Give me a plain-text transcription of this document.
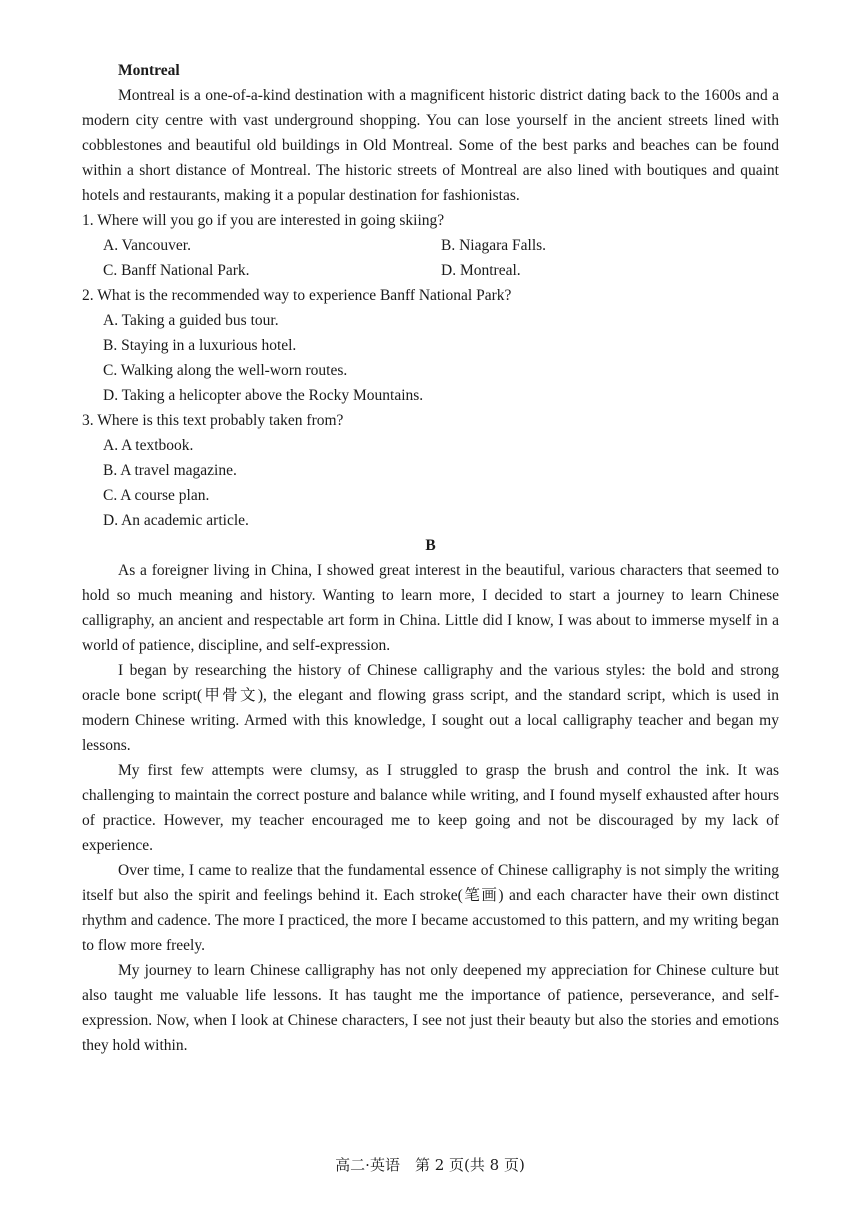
Montreal

Montreal is a one-of-a-kind destination with a magnificent historic district dating back to the 1600s and a modern city centre with vast underground shopping. You can lose yourself in the ancient streets lined with cobblestones and beautiful old buildings in Old Montreal. Some of the best parks and beaches can be found within a short distance of Montreal. The historic streets of Montreal are also lined with boutiques and quaint hotels and restaurants, making it a popular destination for fashionistas.

1. Where will you go if you are interested in going skiing?

A. Vancouver.	B. Niagara Falls.
C. Banff National Park.	D. Montreal.

2. What is the recommended way to experience Banff National Park?

A. Taking a guided bus tour.

B. Staying in a luxurious hotel.

C. Walking along the well-worn routes.

D. Taking a helicopter above the Rocky Mountains.

3. Where is this text probably taken from?

A. A textbook.

B. A travel magazine.

C. A course plan.

D. An academic article.

B

As a foreigner living in China, I showed great interest in the beautiful, various characters that seemed to hold so much meaning and history. Wanting to learn more, I decided to start a journey to learn Chinese calligraphy, an ancient and respectable art form in China. Little did I know, I was about to immerse myself in a world of patience, discipline, and self-expression.

I began by researching the history of Chinese calligraphy and the various styles: the bold and strong oracle bone script(甲骨文), the elegant and flowing grass script, and the standard script, which is used in modern Chinese writing. Armed with this knowledge, I sought out a local calligraphy teacher and began my lessons.

My first few attempts were clumsy, as I struggled to grasp the brush and control the ink. It was challenging to maintain the correct posture and balance while writing, and I found myself exhausted after hours of practice. However, my teacher encouraged me to keep going and not be discouraged by my lack of experience.

Over time, I came to realize that the fundamental essence of Chinese calligraphy is not simply the writing itself but also the spirit and feelings behind it. Each stroke(笔画) and each character have their own distinct rhythm and cadence. The more I practiced, the more I became accustomed to this pattern, and my writing began to flow more freely.

My journey to learn Chinese calligraphy has not only deepened my appreciation for Chinese culture but also taught me valuable life lessons. It has taught me the importance of patience, perseverance, and self-expression. Now, when I look at Chinese characters, I see not just their beauty but also the stories and emotions they hold within.

高二·英语　第 2 页(共 8 页)
